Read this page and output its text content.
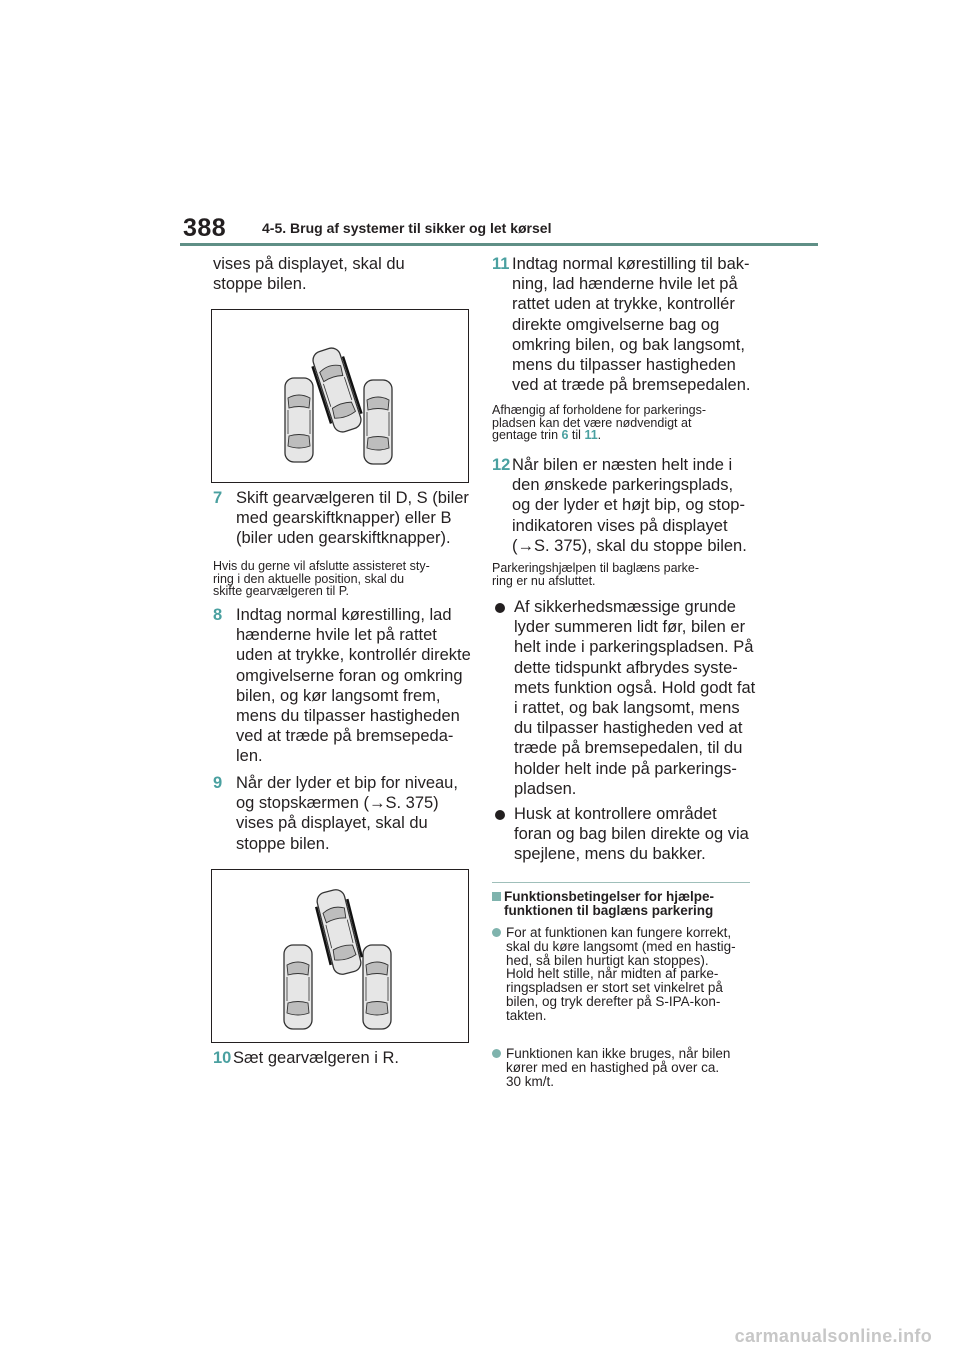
388	4-5. Brug af systemer til sikker og let kørsel
vises på displayet, skal du
stoppe bilen.
7 Skift gearvælgeren til D, S (biler
med gearskiftknapper) eller B
(biler uden gearskiftknapper).
Hvis du gerne vil afslutte assisteret sty-
ring i den aktuelle position, skal du
skifte gearvælgeren til P.
8 Indtag normal kørestilling, lad
hænderne hvile let på rattet
uden at trykke, kontrollér direkte
omgivelserne foran og omkring
bilen, og kør langsomt frem,
mens du tilpasser hastigheden
ved at træde på bremsepeda-
len.
9 Når der lyder et bip for niveau,
og stopskærmen (→S. 375)
vises på displayet, skal du
stoppe bilen.
10 Sæt gearvælgeren i R.
11 Indtag normal kørestilling til bak-
ning, lad hænderne hvile let på
rattet uden at trykke, kontrollér
direkte omgivelserne bag og
omkring bilen, og bak langsomt,
mens du tilpasser hastigheden
ved at træde på bremsepedalen.
Afhængig af forholdene for parkerings-
pladsen kan det være nødvendigt at
gentage trin 6 til 11.
12 Når bilen er næsten helt inde i
den ønskede parkeringsplads,
og der lyder et højt bip, og stop-
indikatoren vises på displayet
(→S. 375), skal du stoppe bilen.
Parkeringshjælpen til baglæns parke-
ring er nu afsluttet.
Af sikkerhedsmæssige grunde
lyder summeren lidt før, bilen er
helt inde i parkeringspladsen. På
dette tidspunkt afbrydes syste-
mets funktion også. Hold godt fat
i rattet, og bak langsomt, mens
du tilpasser hastigheden ved at
træde på bremsepedalen, til du
holder helt inde på parkerings-
pladsen.
Husk at kontrollere området
foran og bag bilen direkte og via
spejlene, mens du bakker.
Funktionsbetingelser for hjælpe-
funktionen til baglæns parkering
For at funktionen kan fungere korrekt,
skal du køre langsomt (med en hastig-
hed, så bilen hurtigt kan stoppes).
Hold helt stille, når midten af parke-
ringspladsen er stort set vinkelret på
bilen, og tryk derefter på S-IPA-kon-
takten.
Funktionen kan ikke bruges, når bilen
kører med en hastighed på over ca.
30 km/t.
carmanualsonline.info
